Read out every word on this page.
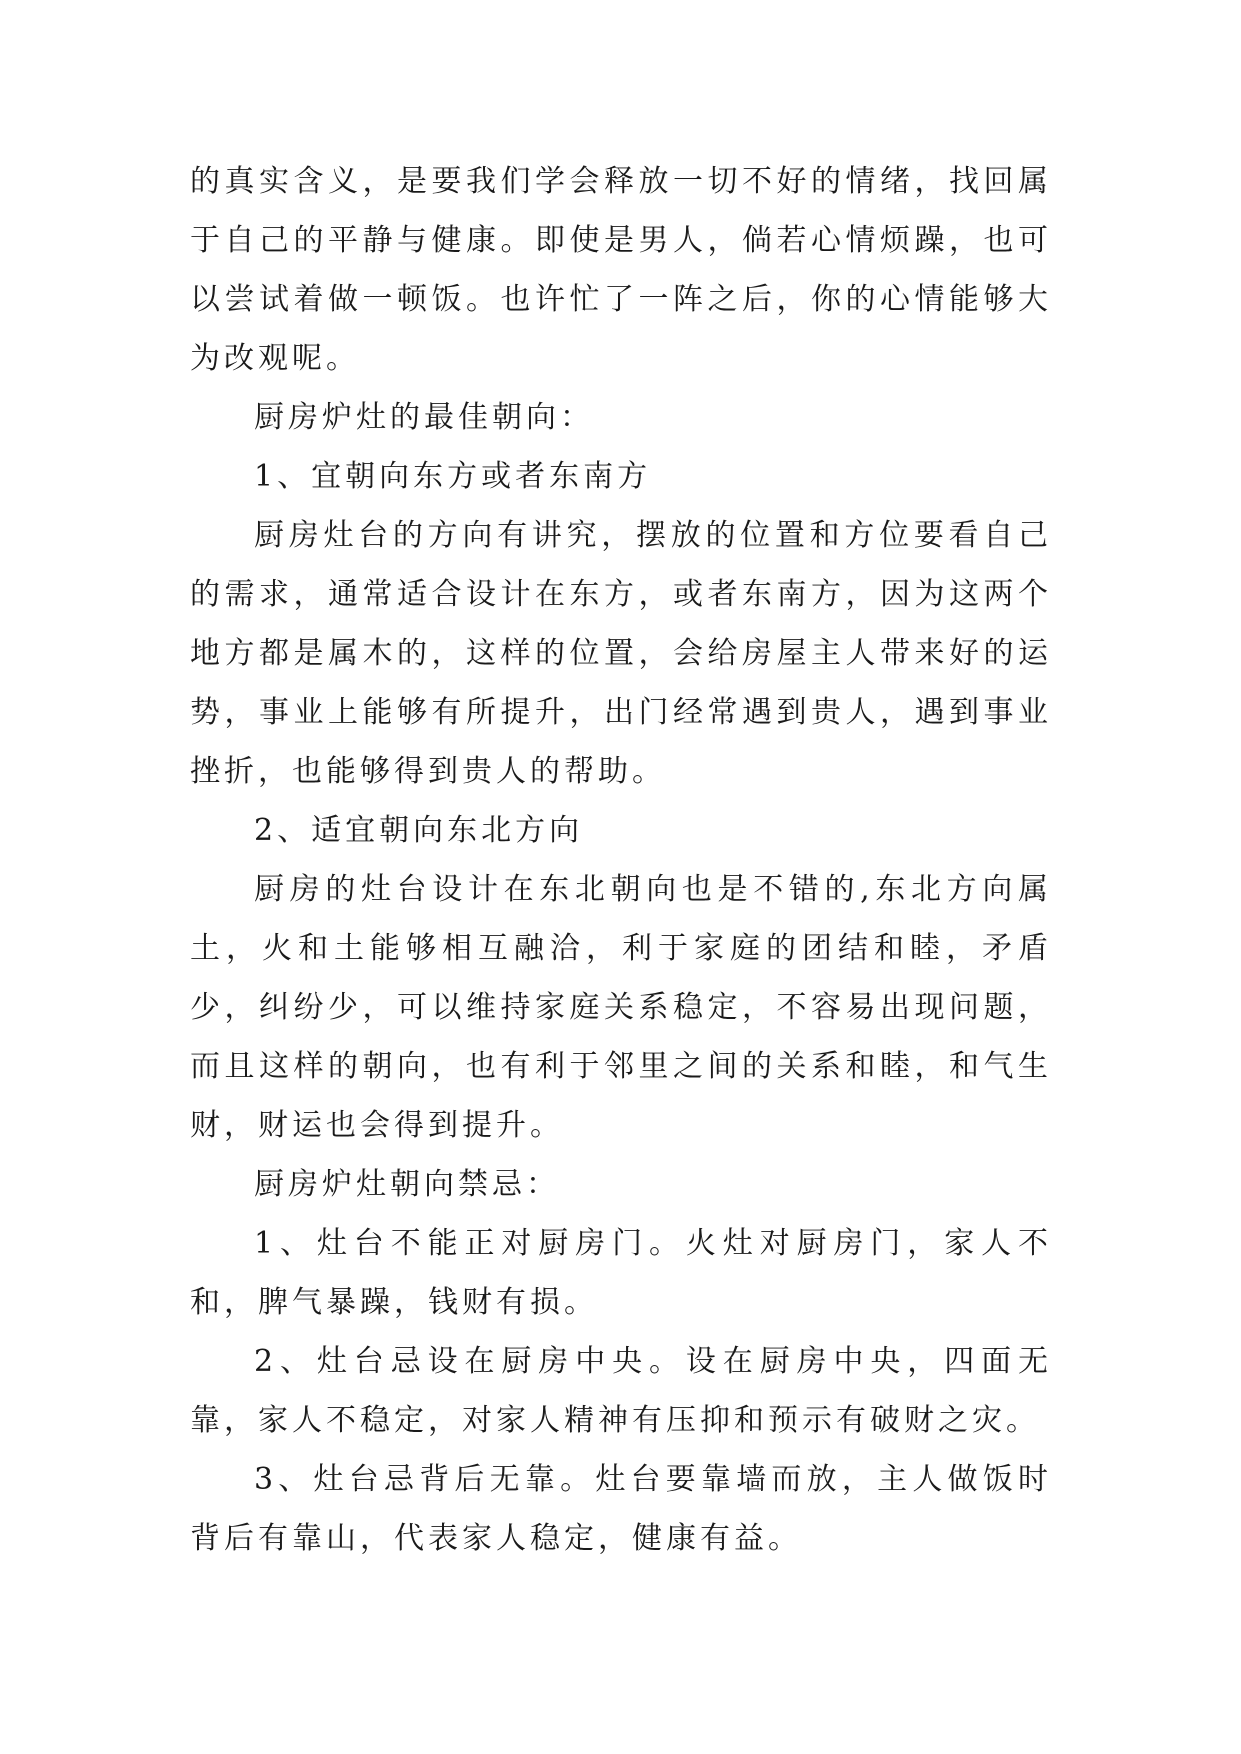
的真实含义，是要我们学会释放一切不好的情绪，找回属于自己的平静与健康。即使是男人，倘若心情烦躁，也可以尝试着做一顿饭。也许忙了一阵之后，你的心情能够大为改观呢。

厨房炉灶的最佳朝向：

1、宜朝向东方或者东南方

厨房灶台的方向有讲究，摆放的位置和方位要看自己的需求，通常适合设计在东方，或者东南方，因为这两个地方都是属木的，这样的位置，会给房屋主人带来好的运势，事业上能够有所提升，出门经常遇到贵人，遇到事业挫折，也能够得到贵人的帮助。

2、适宜朝向东北方向

厨房的灶台设计在东北朝向也是不错的,东北方向属土，火和土能够相互融洽，利于家庭的团结和睦，矛盾少，纠纷少，可以维持家庭关系稳定，不容易出现问题，而且这样的朝向，也有利于邻里之间的关系和睦，和气生财，财运也会得到提升。

厨房炉灶朝向禁忌：

1、灶台不能正对厨房门。火灶对厨房门，家人不和，脾气暴躁，钱财有损。

2、灶台忌设在厨房中央。设在厨房中央，四面无靠，家人不稳定，对家人精神有压抑和预示有破财之灾。

3、灶台忌背后无靠。灶台要靠墙而放，主人做饭时背后有靠山，代表家人稳定，健康有益。
